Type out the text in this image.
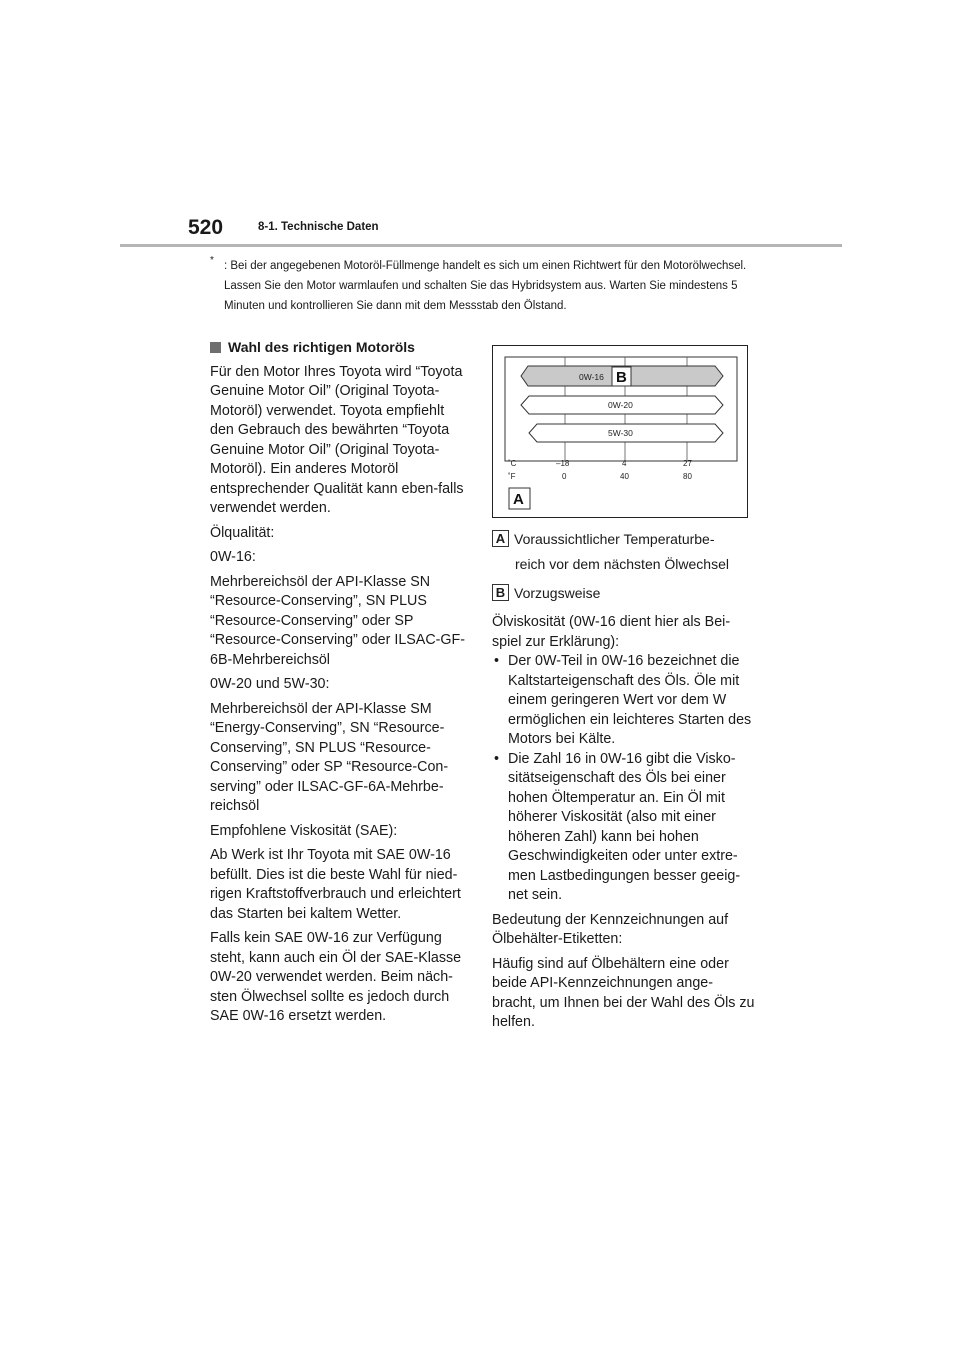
520	8-1. Technische Daten
* : Bei der angegebenen Motoröl-Füllmenge handelt es sich um einen Richtwert für den Motorölwechsel. Lassen Sie den Motor warmlaufen und schalten Sie das Hybridsystem aus. Warten Sie mindestens 5 Minuten und kontrollieren Sie dann mit dem Messstab den Ölstand.
Wahl des richtigen Motoröls

Für den Motor Ihres Toyota wird “Toyota Genuine Motor Oil” (Original Toyota-Motoröl) verwendet. Toyota empfiehlt den Gebrauch des bewährten “Toyota Genuine Motor Oil” (Original Toyota-Motoröl). Ein anderes Motoröl entsprechender Qualität kann eben-falls verwendet werden.

Ölqualität:

0W-16:

Mehrbereichsöl der API-Klasse SN “Resource-Conserving”, SN PLUS “Resource-Conserving” oder SP “Resource-Conserving” oder ILSAC-GF-6B-Mehrbereichsöl

0W-20 und 5W-30:

Mehrbereichsöl der API-Klasse SM “Energy-Conserving”, SN “Resource-Conserving”, SN PLUS “Resource-Conserving” oder SP “Resource-Con-serving” oder ILSAC-GF-6A-Mehrbe-reichsöl

Empfohlene Viskosität (SAE):

Ab Werk ist Ihr Toyota mit SAE 0W-16 befüllt. Dies ist die beste Wahl für nied-rigen Kraftstoffverbrauch und erleichtert das Starten bei kaltem Wetter.

Falls kein SAE 0W-16 zur Verfügung steht, kann auch ein Öl der SAE-Klasse 0W-20 verwendet werden. Beim näch-sten Ölwechsel sollte es jedoch durch SAE 0W-16 ersetzt werden.

0W-16 B
0W-20
5W-30
˚C	–18	4	27
˚F	0	40	80
A
A Voraussichtlicher Temperaturbe-
reich vor dem nächsten Ölwechsel
B Vorzugsweise

Ölviskosität (0W-16 dient hier als Bei-spiel zur Erklärung):

• Der 0W-Teil in 0W-16 bezeichnet die Kaltstarteigenschaft des Öls. Öle mit einem geringeren Wert vor dem W ermöglichen ein leichteres Starten des Motors bei Kälte.
• Die Zahl 16 in 0W-16 gibt die Visko-sitätseigenschaft des Öls bei einer hohen Öltemperatur an. Ein Öl mit höherer Viskosität (also mit einer höheren Zahl) kann bei hohen Geschwindigkeiten oder unter extre-men Lastbedingungen besser geeig-net sein.

Bedeutung der Kennzeichnungen auf Ölbehälter-Etiketten:

Häufig sind auf Ölbehältern eine oder beide API-Kennzeichnungen ange-bracht, um Ihnen bei der Wahl des Öls zu helfen.
